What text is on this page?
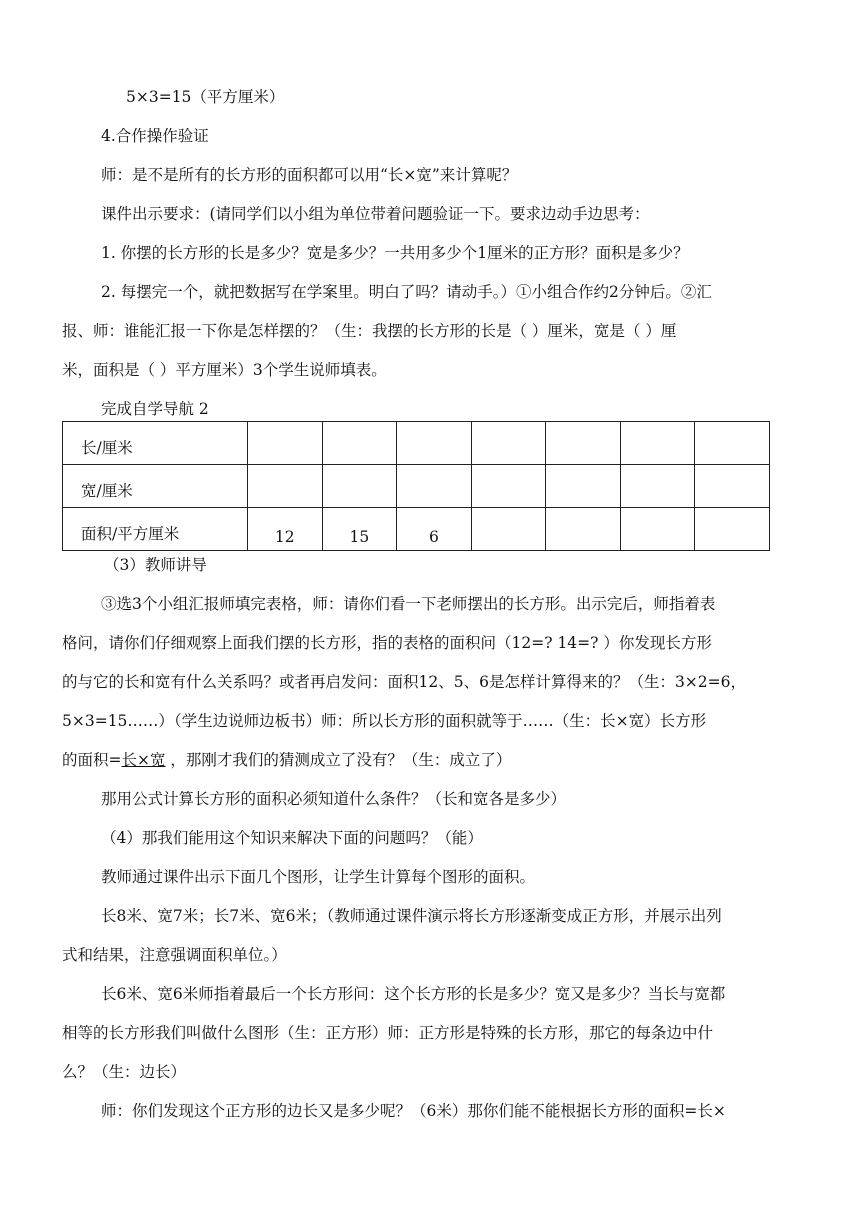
5×3=15（平方厘米）
4.合作操作验证
师：是不是所有的长方形的面积都可以用“长×宽”来计算呢？
课件出示要求：(请同学们以小组为单位带着问题验证一下。要求边动手边思考：
1. 你摆的长方形的长是多少？宽是多少？一共用多少个1厘米的正方形？面积是多少？
2. 每摆完一个，就把数据写在学案里。明白了吗？请动手。）①小组合作约2分钟后。②汇
报、师：谁能汇报一下你是怎样摆的？（生：我摆的长方形的长是（ ）厘米，宽是（ ）厘
米，面积是（ ）平方厘米）3个学生说师填表。
完成自学导航 2
长/厘米							
宽/厘米							
面积/平方厘米	12	15	6				
（3）教师讲导
③选3个小组汇报师填完表格，师：请你们看一下老师摆出的长方形。出示完后，师指着表
格问，请你们仔细观察上面我们摆的长方形，指的表格的面积问（12=? 14=? ）你发现长方形
的与它的长和宽有什么关系吗？或者再启发问：面积12、5、6是怎样计算得来的？（生：3×2=6，
5×3=15……）（学生边说师边板书）师：所以长方形的面积就等于……（生：长×宽）长方形
的面积=长×宽 ，那刚才我们的猜测成立了没有？（生：成立了）
那用公式计算长方形的面积必须知道什么条件？（长和宽各是多少）
（4）那我们能用这个知识来解决下面的问题吗？（能）
教师通过课件出示下面几个图形，让学生计算每个图形的面积。
长8米、宽7米；长7米、宽6米；（教师通过课件演示将长方形逐渐变成正方形，并展示出列
式和结果，注意强调面积单位。）
长6米、宽6米师指着最后一个长方形问：这个长方形的长是多少？宽又是多少？当长与宽都
相等的长方形我们叫做什么图形（生：正方形）师：正方形是特殊的长方形，那它的每条边中什
么？（生：边长）
师：你们发现这个正方形的边长又是多少呢？（6米）那你们能不能根据长方形的面积=长×
